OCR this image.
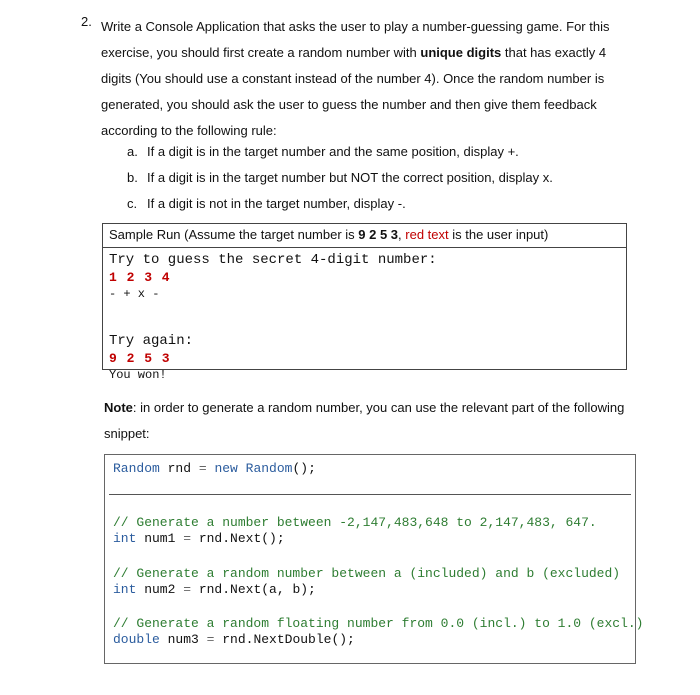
2. Write a Console Application that asks the user to play a number-guessing game. For this exercise, you should first create a random number with unique digits that has exactly 4 digits (You should use a constant instead of the number 4). Once the random number is generated, you should ask the user to guess the number and then give them feedback according to the following rule:

a. If a digit is in the target number and the same position, display +.
b. If a digit is in the target number but NOT the correct position, display x.
c. If a digit is not in the target number, display -.
Sample Run (Assume the target number is 9 2 5 3, red text is the user input)
Try to guess the secret 4-digit number:
1 2 3 4
- + x -
Try again:
9 2 5 3
You won!

Note: in order to generate a random number, you can use the relevant part of the following snippet:

Random rnd = new Random();
// Generate a number between -2,147,483,648 to 2,147,483, 647.
int num1 = rnd.Next();
// Generate a random number between a (included) and b (excluded)
int num2 = rnd.Next(a, b);
// Generate a random floating number from 0.0 (incl.) to 1.0 (excl.)
double num3 = rnd.NextDouble();
